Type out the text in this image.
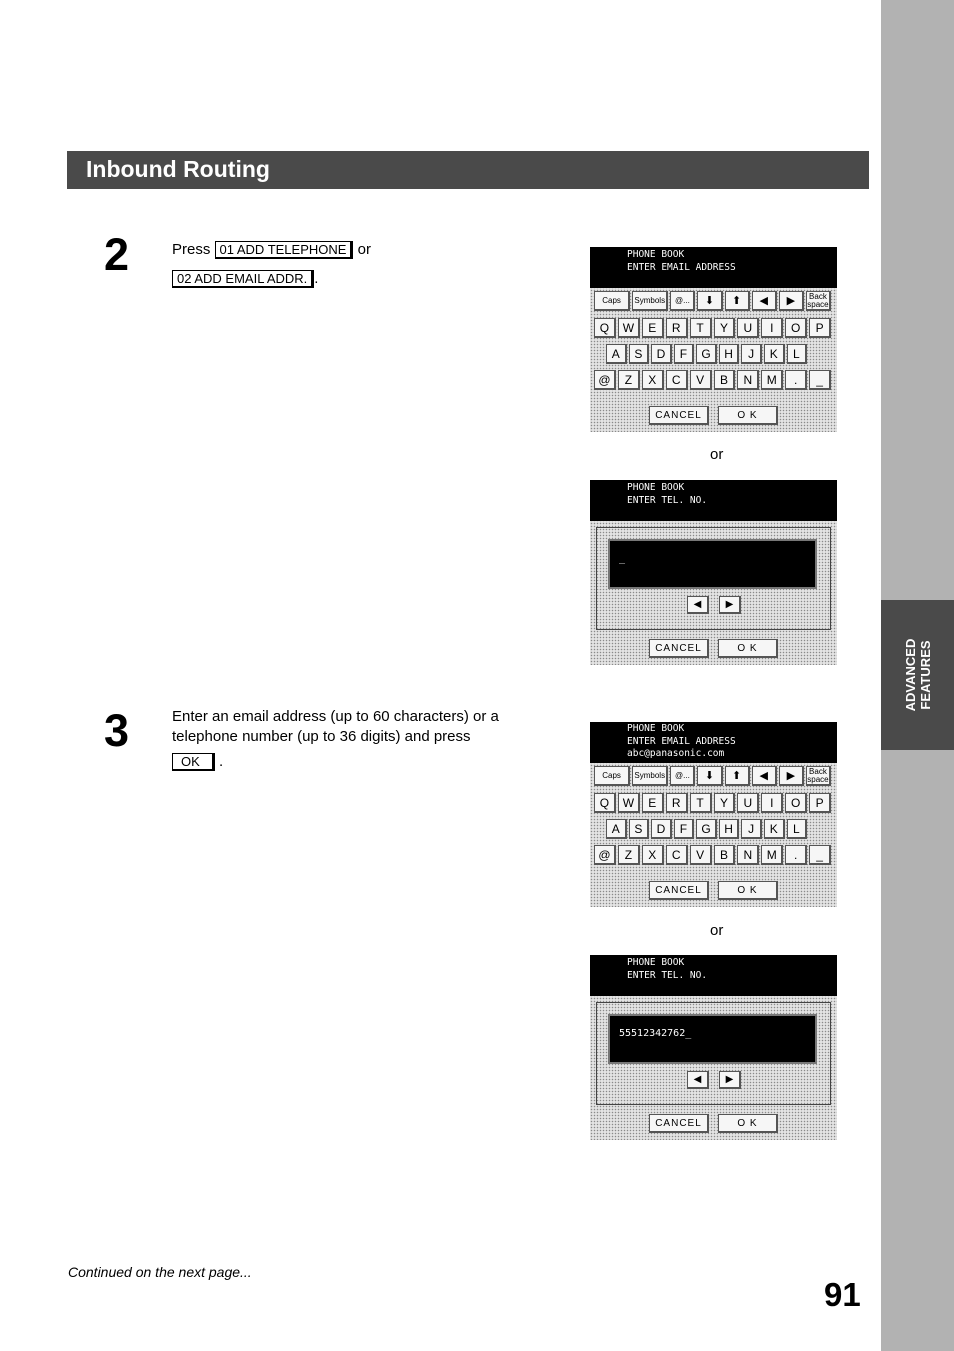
ADVANCED
FEATURES
Inbound Routing
2	Press 01 ADD TELEPHONE or
02 ADD EMAIL ADDR. .
3	Enter an email address (up to 60 characters) or a
telephone number (up to 36 digits) and press
OK .
PHONE BOOK
ENTER EMAIL ADDRESS
Caps	Symbols	@...	⬇	⬆	◀	▶	Back space
Q	W	E	R	T	Y	U	I	O	P
A	S	D	F	G	H	J	K	L
@	Z	X	C	V	B	N	M	.	_
CANCEL	O K
or
PHONE BOOK
ENTER TEL. NO.
_
◀	▶
CANCEL	O K
PHONE BOOK
ENTER EMAIL ADDRESS
abc@panasonic.com
Caps	Symbols	@...	⬇	⬆	◀	▶	Back space
Q	W	E	R	T	Y	U	I	O	P
A	S	D	F	G	H	J	K	L
@	Z	X	C	V	B	N	M	.	_
CANCEL	O K
or
PHONE BOOK
ENTER TEL. NO.
55512342762_
◀	▶
CANCEL	O K
Continued on the next page...
91
